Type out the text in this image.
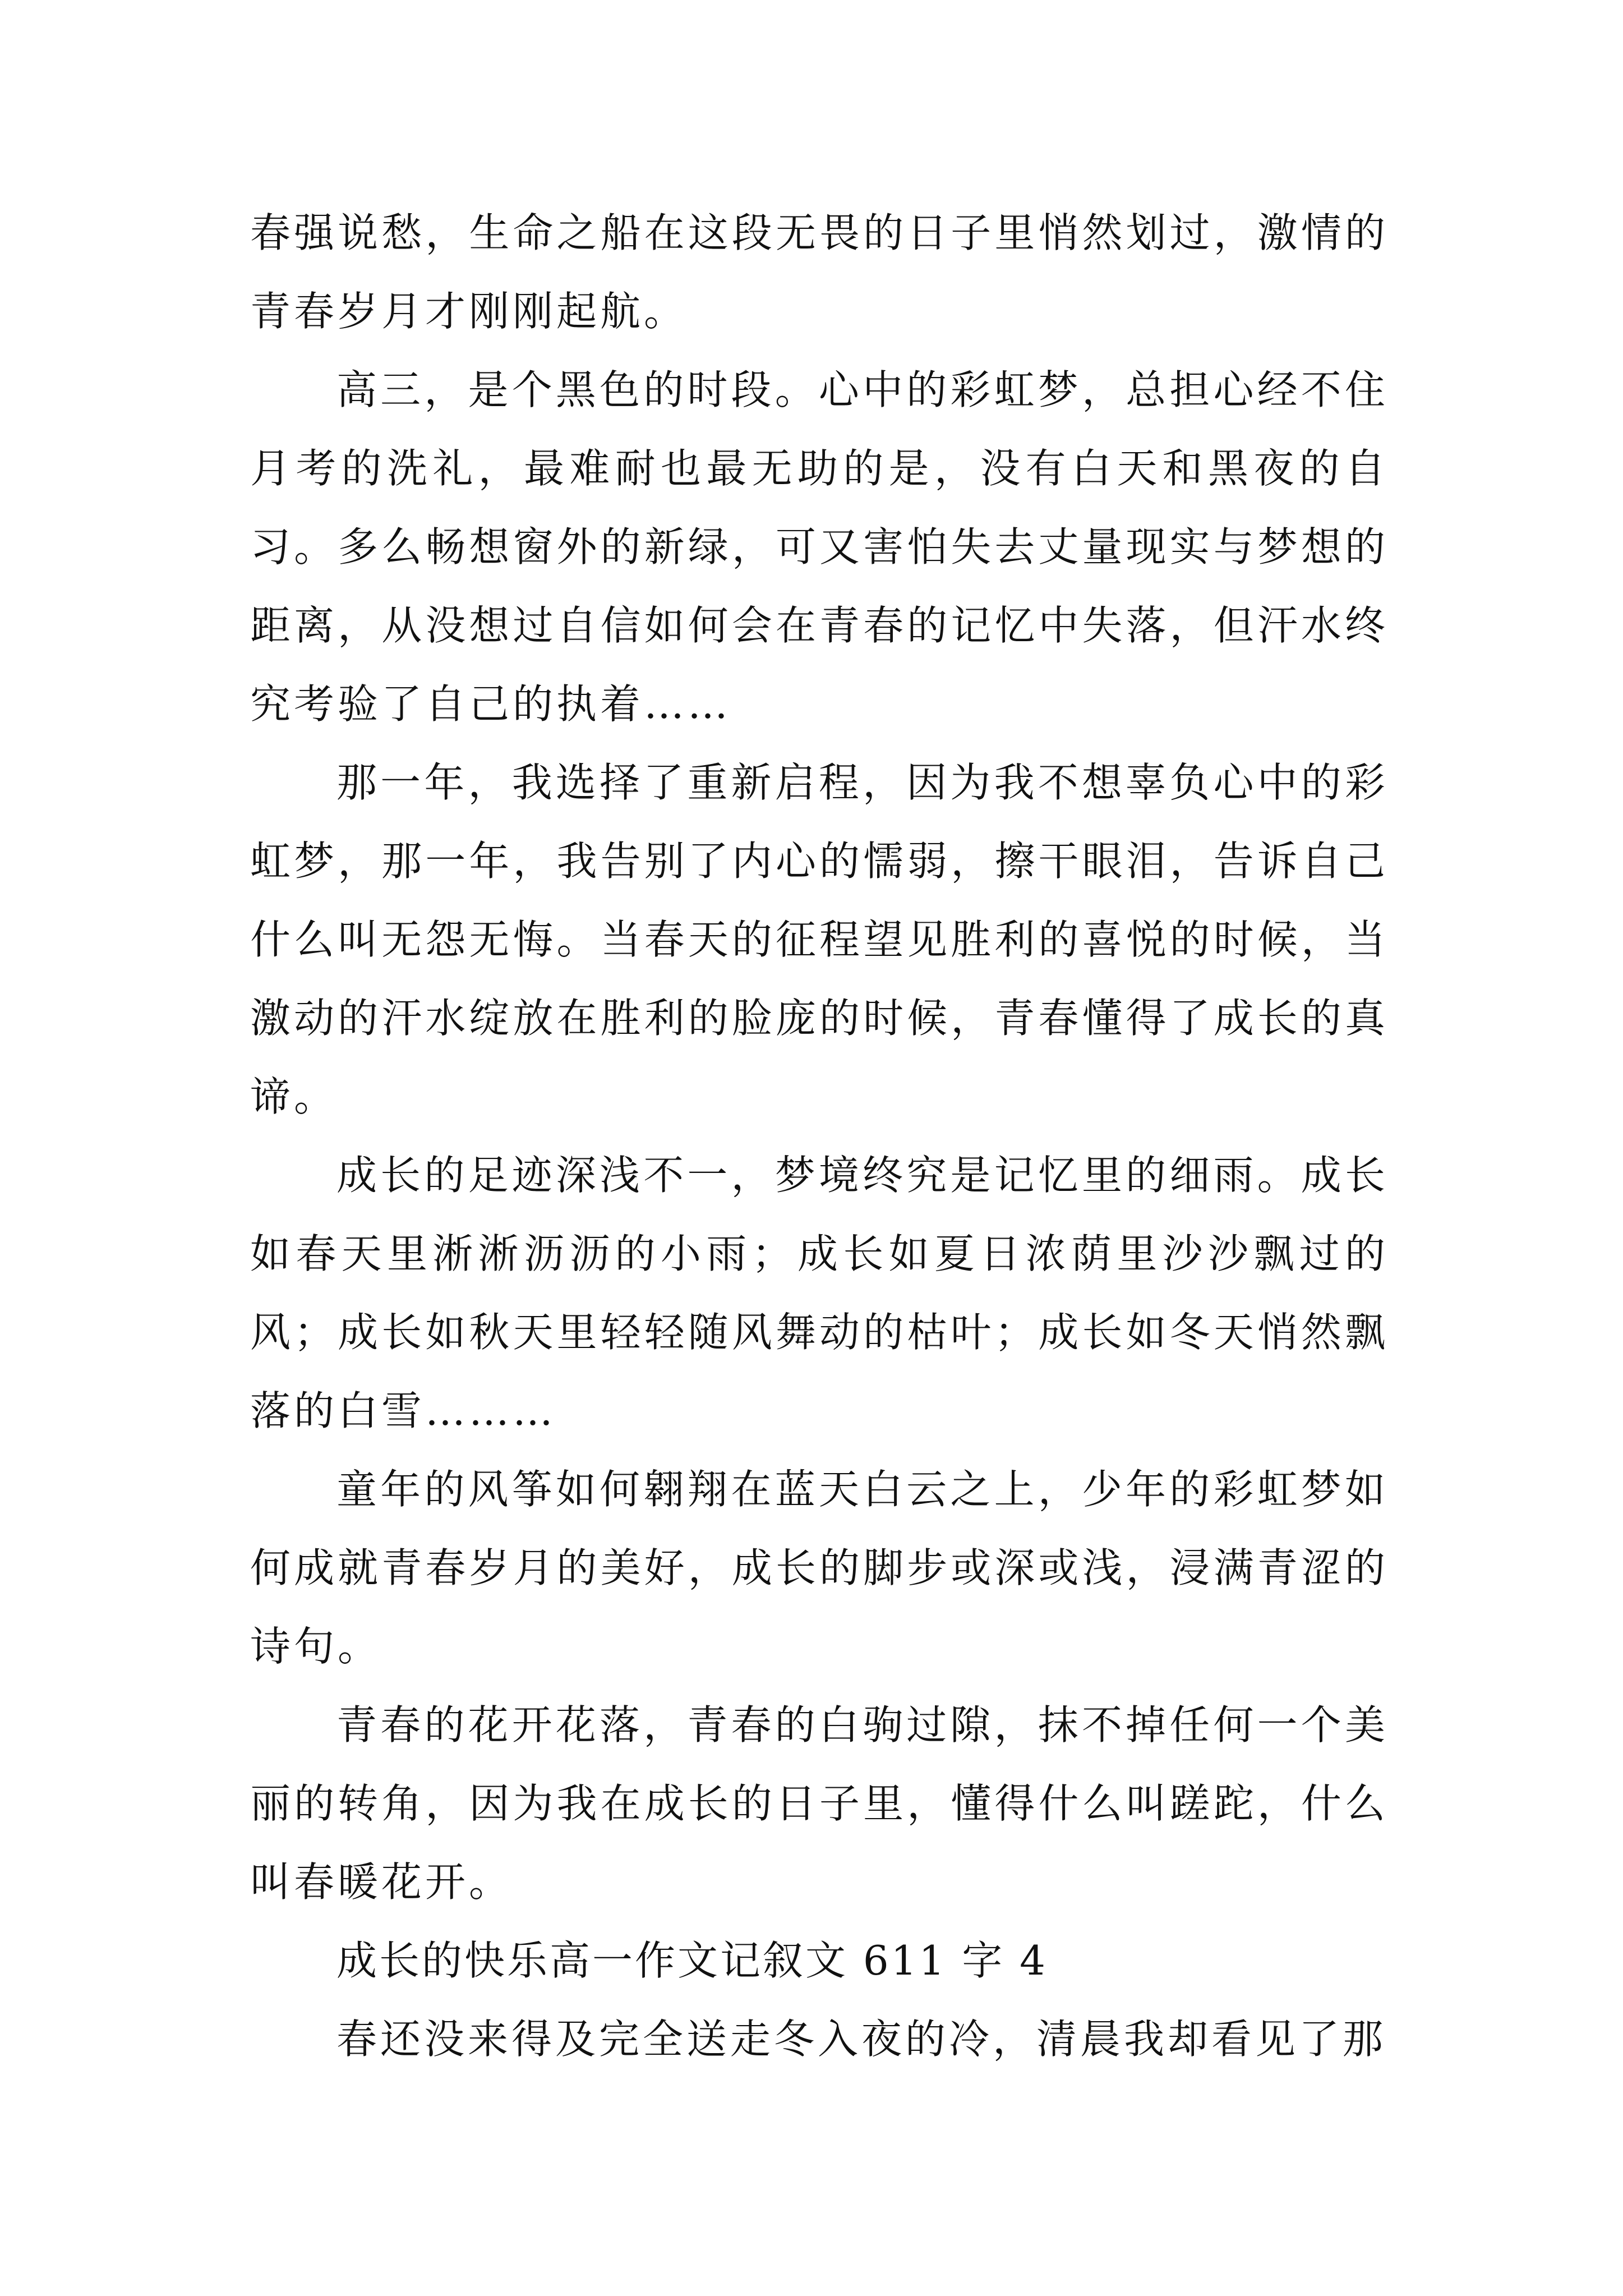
春强说愁，生命之船在这段无畏的日子里悄然划过，激情的青春岁月才刚刚起航。

高三，是个黑色的时段。心中的彩虹梦，总担心经不住月考的洗礼，最难耐也最无助的是，没有白天和黑夜的自习。多么畅想窗外的新绿，可又害怕失去丈量现实与梦想的距离，从没想过自信如何会在青春的记忆中失落，但汗水终究考验了自己的执着……

那一年，我选择了重新启程，因为我不想辜负心中的彩虹梦，那一年，我告别了内心的懦弱，擦干眼泪，告诉自己什么叫无怨无悔。当春天的征程望见胜利的喜悦的时候，当激动的汗水绽放在胜利的脸庞的时候，青春懂得了成长的真谛。

成长的足迹深浅不一，梦境终究是记忆里的细雨。成长如春天里淅淅沥沥的小雨；成长如夏日浓荫里沙沙飘过的风；成长如秋天里轻轻随风舞动的枯叶；成长如冬天悄然飘落的白雪………

童年的风筝如何翱翔在蓝天白云之上，少年的彩虹梦如何成就青春岁月的美好，成长的脚步或深或浅，浸满青涩的诗句。

青春的花开花落，青春的白驹过隙，抹不掉任何一个美丽的转角，因为我在成长的日子里，懂得什么叫蹉跎，什么叫春暖花开。

成长的快乐高一作文记叙文 611 字 4

春还没来得及完全送走冬入夜的冷，清晨我却看见了那
